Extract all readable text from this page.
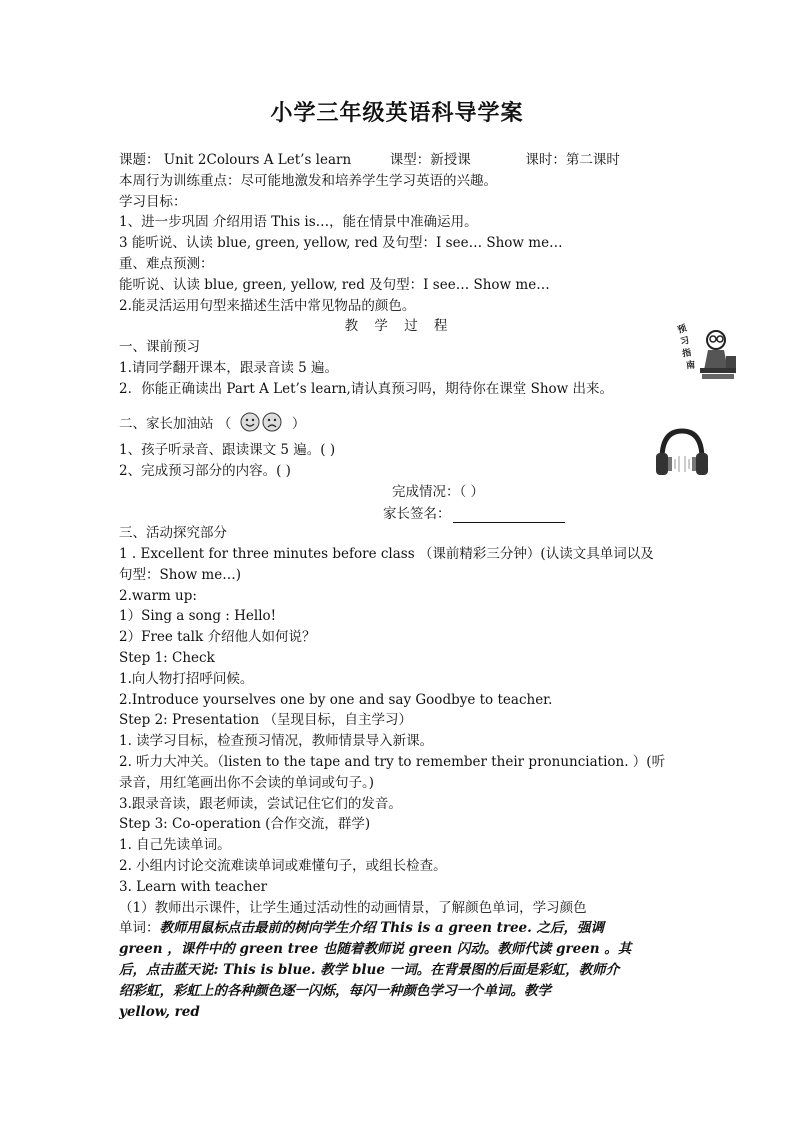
小学三年级英语科导学案
课题： Unit 2Colours A Let’s learn	课型：新授课	课时：第二课时
本周行为训练重点：尽可能地激发和培养学生学习英语的兴趣。
学习目标：
1、进一步巩固 介绍用语 This is…，能在情景中准确运用。
3 能听说、认读 blue, green, yellow, red 及句型：I see… Show me…
重、难点预测：
能听说、认读 blue, green, yellow, red 及句型：I see… Show me…
2.能灵活运用句型来描述生活中常见物品的颜色。
教 学 过 程	预
习
指
南
一、课前预习
1.请同学翻开课本，跟录音读 5 遍。
2．你能正确读出 Part A Let’s learn,请认真预习吗，期待你在课堂 Show 出来。
二、家长加油站 （	）
1、孩子听录音、跟读课文 5 遍。( )
2、完成预习部分的内容。( )
完成情况：（ ）
家长签名：
三、活动探究部分
1 . Excellent for three minutes before class （课前精彩三分钟）(认读文具单词以及
句型：Show me…)
2.warm up:
1）Sing a song : Hello!
2）Free talk 介绍他人如何说？
Step 1: Check
1.向人物打招呼问候。
2.Introduce yourselves one by one and say Goodbye to teacher.
Step 2: Presentation （呈现目标，自主学习）
1. 读学习目标，检查预习情况，教师情景导入新课。
2. 听力大冲关。（listen to the tape and try to remember their pronunciation. ）(听
录音，用红笔画出你不会读的单词或句子。)
3.跟录音读，跟老师读，尝试记住它们的发音。
Step 3: Co-operation (合作交流，群学)
1. 自己先读单词。
2. 小组内讨论交流难读单词或难懂句子，或组长检查。
3. Learn with teacher
（1）教师出示课件，让学生通过活动性的动画情景，了解颜色单词，学习颜色
单词：教师用鼠标点击最前的树向学生介绍 This is a green tree. 之后，强调
green ，课件中的 green tree 也随着教师说 green 闪动。教师代读 green 。其
后，点击蓝天说: This is blue. 教学 blue 一词。在背景图的后面是彩虹，教师介
绍彩虹，彩虹上的各种颜色逐一闪烁，每闪一种颜色学习一个单词。教学
yellow, red
